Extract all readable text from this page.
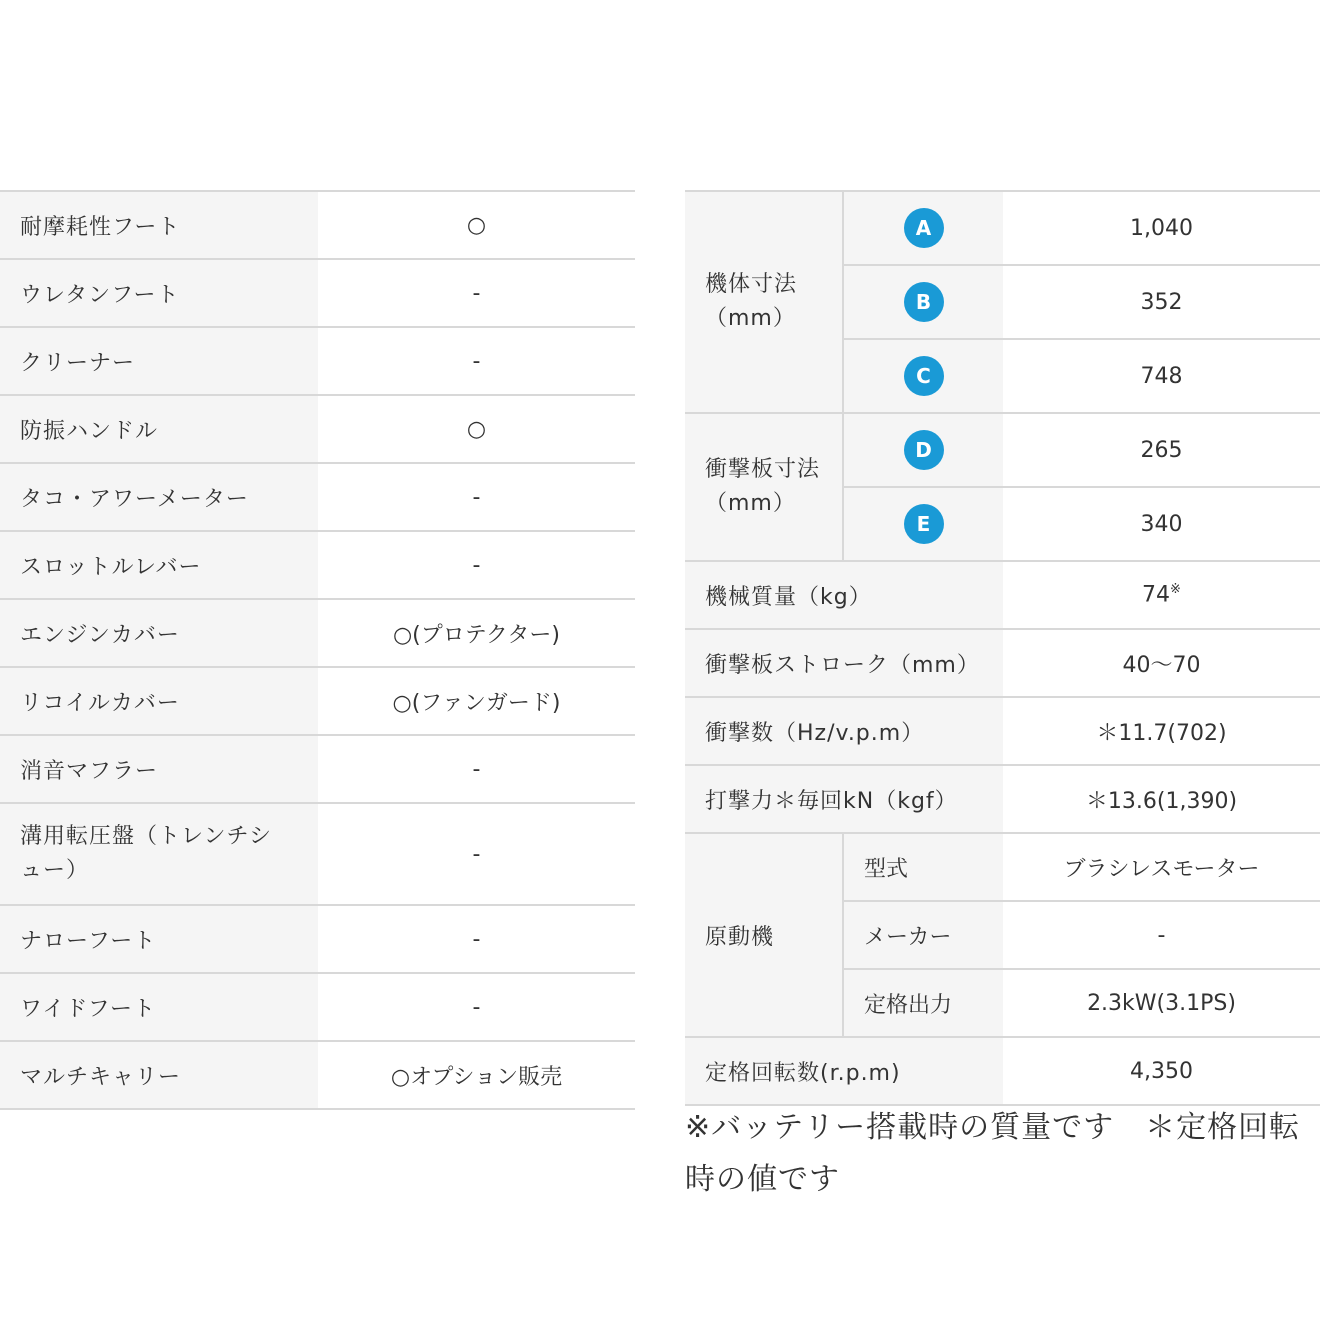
耐摩耗性フート	○
ウレタンフート	-
クリーナー	-
防振ハンドル	○
タコ・アワーメーター	-
スロットルレバー	-
エンジンカバー	○(プロテクター)
リコイルカバー	○(ファンガード)
消音マフラー	-
溝用転圧盤（トレンチシュー）	-
ナローフート	-
ワイドフート	-
マルチキャリー	○オプション販売
機体寸法（mm）	A	1,040
	B	352
	C	748
衝撃板寸法（mm）	D	265
	E	340
機械質量（kg）		74※
衝撃板ストローク（mm）		40〜70
衝撃数（Hz/v.p.m）		＊11.7(702)
打撃力＊毎回kN（kgf）		＊13.6(1,390)
原動機	型式	ブラシレスモーター
	メーカー	-
	定格出力	2.3kW(3.1PS)
定格回転数(r.p.m)		4,350
※バッテリー搭載時の質量です　＊定格回転時の値です
